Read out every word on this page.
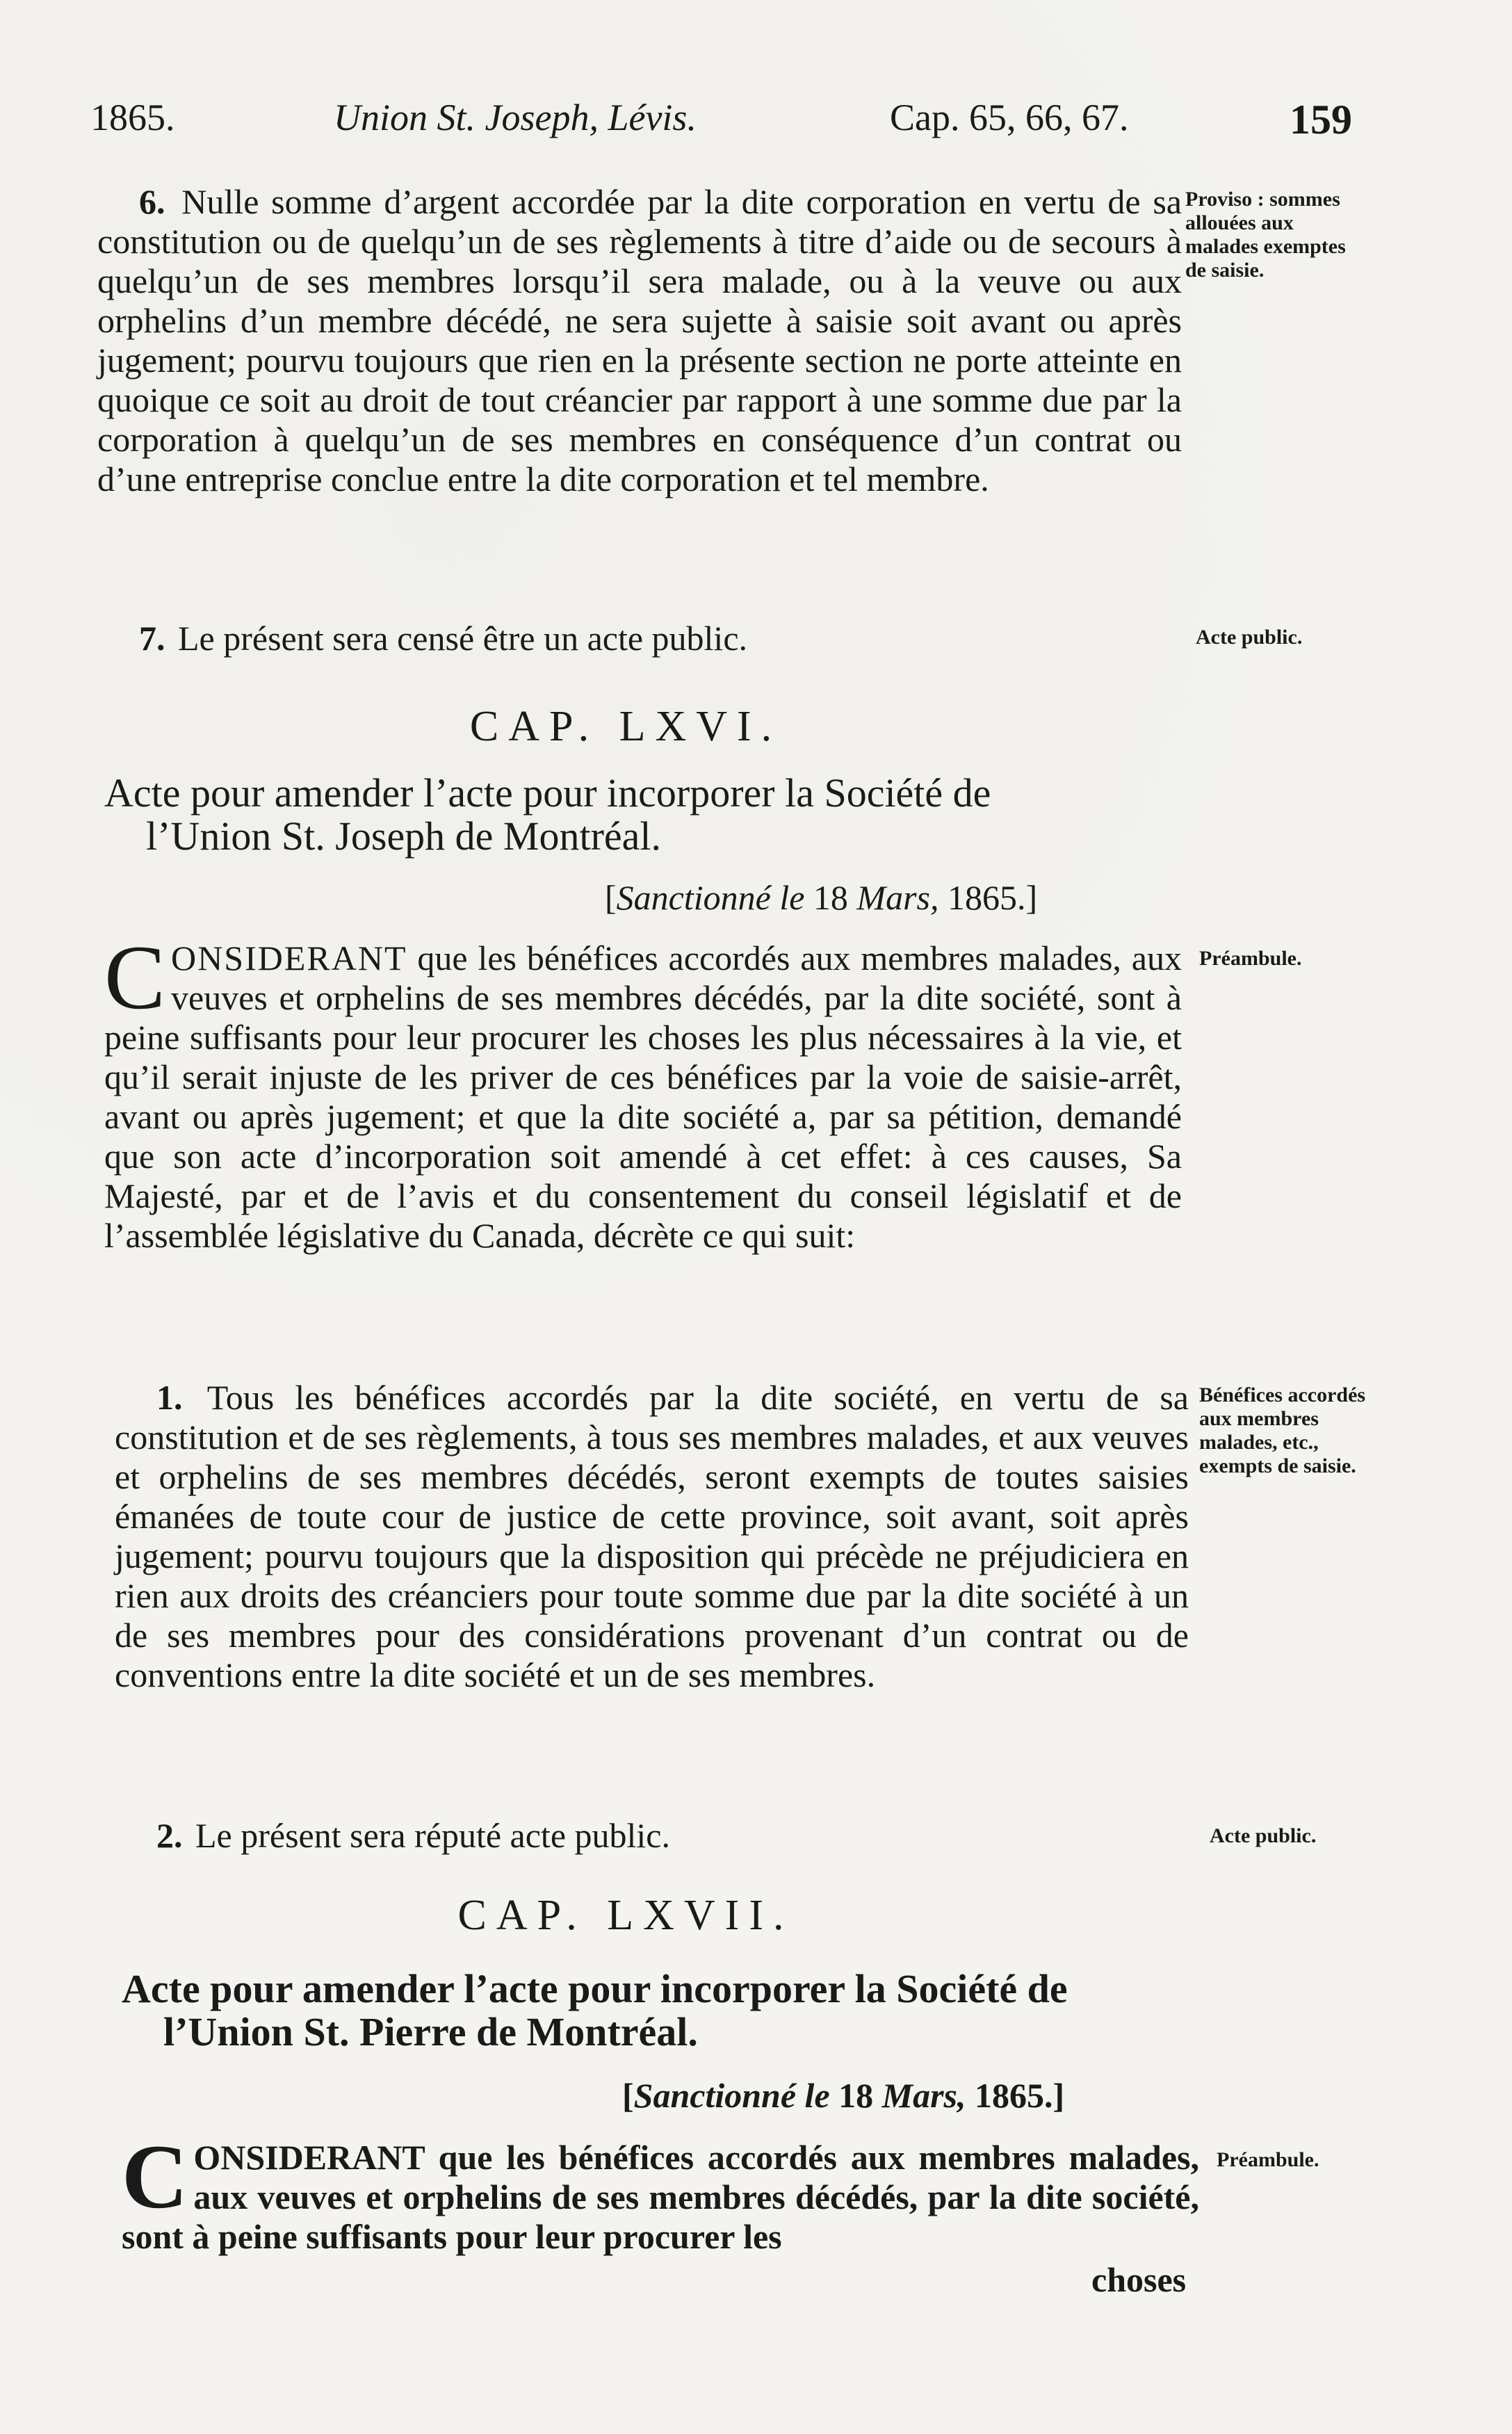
1865.	Union St. Joseph, Lévis.	Cap. 65, 66, 67.	159
6. Nulle somme d’argent accordée par la dite corporation en vertu de sa constitution ou de quelqu’un de ses règlements à titre d’aide ou de secours à quelqu’un de ses membres lorsqu’il sera malade, ou à la veuve ou aux orphelins d’un membre décédé, ne sera sujette à saisie soit avant ou après jugement; pourvu toujours que rien en la présente section ne porte atteinte en quoique ce soit au droit de tout créancier par rapport à une somme due par la corporation à quelqu’un de ses membres en conséquence d’un contrat ou d’une entreprise conclue entre la dite corporation et tel membre.
Proviso : sommes allouées aux malades exemptes de saisie.
7. Le présent sera censé être un acte public.	Acte public.
CAP. LXVI.
Acte pour amender l’acte pour incorporer la Société de
l’Union St. Joseph de Montréal.
[Sanctionné le 18 Mars, 1865.]
CONSIDERANT que les bénéfices accordés aux membres malades, aux veuves et orphelins de ses membres décédés, par la dite société, sont à peine suffisants pour leur procurer les choses les plus nécessaires à la vie, et qu’il serait injuste de les priver de ces bénéfices par la voie de saisie-arrêt, avant ou après jugement; et que la dite société a, par sa pétition, demandé que son acte d’incorporation soit amendé à cet effet: à ces causes, Sa Majesté, par et de l’avis et du consentement du conseil législatif et de l’assemblée législative du Canada, décrète ce qui suit:
Préambule.
1. Tous les bénéfices accordés par la dite société, en vertu de sa constitution et de ses règlements, à tous ses membres malades, et aux veuves et orphelins de ses membres décédés, seront exempts de toutes saisies émanées de toute cour de justice de cette province, soit avant, soit après jugement; pourvu toujours que la disposition qui précède ne préjudiciera en rien aux droits des créanciers pour toute somme due par la dite société à un de ses membres pour des considérations provenant d’un contrat ou de conventions entre la dite société et un de ses membres.
Bénéfices accordés aux membres malades, etc., exempts de saisie.
2. Le présent sera réputé acte public.	Acte public.
CAP. LXVII.
Acte pour amender l’acte pour incorporer la Société de
l’Union St. Pierre de Montréal.
[Sanctionné le 18 Mars, 1865.]
CONSIDERANT que les bénéfices accordés aux membres malades, aux veuves et orphelins de ses membres décédés, par la dite société, sont à peine suffisants pour leur procurer les
choses
Préambule.
